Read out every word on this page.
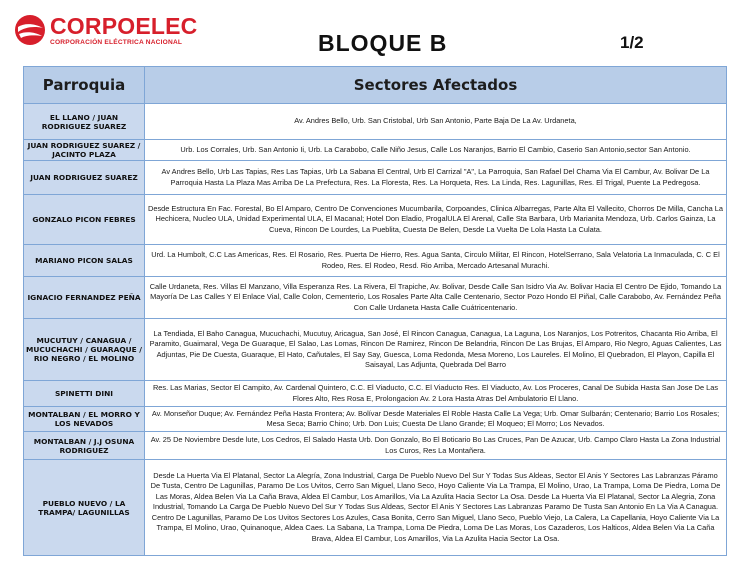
CORPOELEC
CORPORACIÓN ELÉCTRICA NACIONAL	BLOQUE B	1/2
Parroquia	Sectores Afectados
EL LLANO / JUAN RODRIGUEZ SUAREZ	Av. Andres Bello, Urb. San Cristobal, Urb San Antonio, Parte Baja De La Av. Urdaneta,
JUAN RODRIGUEZ SUAREZ / JACINTO PLAZA	Urb. Los Corrales, Urb. San Antonio Ii, Urb. La Carabobo, Calle Niño Jesus, Calle Los Naranjos, Barrio El Cambio, Caserio San Antonio,sector San Antonio.
JUAN RODRIGUEZ SUAREZ	Av Andres Bello, Urb Las Tapias, Res Las Tapias, Urb La Sabana El Central, Urb El Carrizal "A", La Parroquia, San Rafael Del Chama Via El Cambur, Av. Bolivar De La Parroquia Hasta La Plaza Mas Arriba De La Prefectura, Res. La Floresta, Res. La Horqueta, Res. La Linda, Res. Lagunillas, Res. El Trigal, Puente La Pedregosa.
GONZALO PICON FEBRES	Desde Estructura En Fac. Forestal, Bo El Amparo, Centro De Convenciones Mucumbarila, Corpoandes, Clinica Albarregas, Parte Alta El Vallecito, Chorros De Milla, Cancha La Hechicera, Nucleo ULA, Unidad Experimental ULA, El Macanal; Hotel Don Eladio, ProgalULA El Arenal, Calle Sta Barbara, Urb Marianita Mendoza, Urb. Carlos Gainza, La Cueva, Rincon De Lourdes, La Pueblita, Cuesta De Belen, Desde La Vuelta De Lola Hasta La Culata.
MARIANO PICON SALAS	Urd. La Humbolt, C.C Las Americas, Res. El Rosario, Res. Puerta De Hierro, Res. Agua Santa, Circulo Militar, El Rincon, HotelSerrano, Sala Velatoria La Inmaculada, C. C El Rodeo, Res. El Rodeo, Resd. Rio Arriba, Mercado Artesanal Murachi.
IGNACIO FERNANDEZ PEÑA	Calle Urdaneta, Res. Villas El Manzano, Villa Esperanza Res. La Rivera, El Trapiche, Av. Bolivar, Desde Calle San Isidro Via Av. Bolivar Hacia El Centro De Ejido, Tomando La Mayoría De Las Calles Y El Enlace Vial, Calle Colon, Cementerio, Los Rosales Parte Alta Calle Centenario, Sector Pozo Hondo El Piñal, Calle Carabobo, Av. Fernández Peña Con Calle Urdaneta Hasta Calle Cuátricentenario.
MUCUTUY / CANAGUA / MUCUCHACHI / GUARAQUE / RIO NEGRO / EL MOLINO	La Tendiada, El Baho Canagua, Mucuchachi, Mucutuy, Aricagua, San José, El Rincon Canagua, Canagua, La Laguna, Los Naranjos, Los Potreritos, Chacanta Rio Arriba, El Paramito, Guaimaral, Vega De Guaraque, El Salao, Las Lomas, Rincon De Ramirez, Rincon De Belandria, Rincon De Las Brujas, El Amparo, Rio Negro, Aguas Calientes, Las Adjuntas, Pie De Cuesta, Guaraque, El Hato, Cañutales, El Say Say, Guesca, Loma Redonda, Mesa Moreno, Los Laureles. El Molino, El Quebradon, El Playon, Capilla El Saisayal, Las Adjunta, Quebrada Del Barro
SPINETTI DINI	Res. Las Marias, Sector El Campito, Av. Cardenal Quintero, C.C. El Viaducto, C.C. El Viaducto Res. El Viaducto, Av. Los Proceres, Canal De Subida Hasta San Jose De Las Flores Alto, Res Rosa E, Prolongacion Av. 2 Lora Hasta Atras Del Ambulatorio El Llano.
MONTALBAN / EL MORRO Y LOS NEVADOS	Av. Monseñor Duque; Av. Fernández Peña Hasta Frontera; Av. Bolívar Desde Materiales El Roble Hasta Calle La Vega; Urb. Omar Sulbarán; Centenario; Barrio Los Rosales; Mesa Seca; Barrio Chino; Urb. Don Luis; Cuesta De Llano Grande; El Moqueo; El Morro; Los Nevados.
MONTALBAN / J.J OSUNA RODRIGUEZ	Av. 25 De Noviembre Desde lute, Los Cedros, El Salado Hasta Urb. Don Gonzalo, Bo El Boticario Bo Las Cruces, Pan De Azucar, Urb. Campo Claro Hasta La Zona Industrial Los Curos, Res La Montañera.
PUEBLO NUEVO / LA TRAMPA/ LAGUNILLAS	Desde La Huerta Via El Platanal, Sector La Alegría, Zona Industrial, Carga De Pueblo Nuevo Del Sur Y Todas Sus Aldeas, Sector El Anis Y Sectores Las Labranzas Páramo De Tusta, Centro De Lagunillas, Paramo De Los Uvitos, Cerro San Miguel, Llano Seco, Hoyo Caliente Via La Trampa, El Molino, Urao, La Trampa, Loma De Piedra, Loma De Las Moras, Aldea Belen Via La Caña Brava, Aldea El Cambur, Los Amarillos, Via La Azulita Hacia Sector La Osa. Desde La Huerta Via El Platanal, Sector La Alegria, Zona Industrial, Tomando La Carga De Pueblo Nuevo Del Sur Y Todas Sus Aldeas, Sector El Anis Y Sectores Las Labranzas Paramo De Tusta San Antonio En La Via A Canagua. Centro De Lagunillas, Paramo De Los Uvitos Sectores Los Azules, Casa Bonita, Cerro San Miguel, Llano Seco, Pueblo Viejo, La Calera, La Capellania, Hoyo Caliente Via La Trampa, El Molino, Urao, Quinanoque, Aldea Caes. La Sabana, La Trampa, Loma De Piedra, Loma De Las Moras, Los Cazaderos, Los Halticos, Aldea Belen Via La Caña Brava, Aldea El Cambur, Los Amarillos, Via La Azulita Hacia Sector La Osa.
